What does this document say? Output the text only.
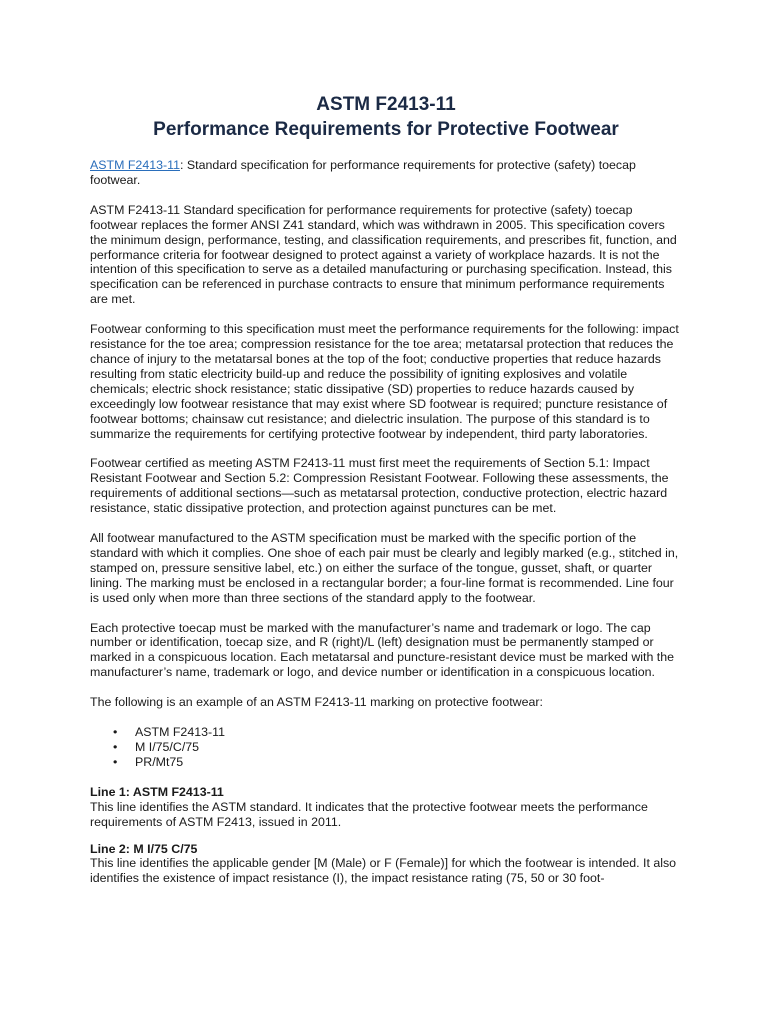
ASTM F2413-11
Performance Requirements for Protective Footwear

ASTM F2413-11: Standard specification for performance requirements for protective (safety) toecap footwear.

ASTM F2413-11 Standard specification for performance requirements for protective (safety) toecap footwear replaces the former ANSI Z41 standard, which was withdrawn in 2005. This specification covers the minimum design, performance, testing, and classification requirements, and prescribes fit, function, and performance criteria for footwear designed to protect against a variety of workplace hazards. It is not the intention of this specification to serve as a detailed manufacturing or purchasing specification. Instead, this specification can be referenced in purchase contracts to ensure that minimum performance requirements are met.

Footwear conforming to this specification must meet the performance requirements for the following: impact resistance for the toe area; compression resistance for the toe area; metatarsal protection that reduces the chance of injury to the metatarsal bones at the top of the foot; conductive properties that reduce hazards resulting from static electricity build-up and reduce the possibility of igniting explosives and volatile chemicals; electric shock resistance; static dissipative (SD) properties to reduce hazards caused by exceedingly low footwear resistance that may exist where SD footwear is required; puncture resistance of footwear bottoms; chainsaw cut resistance; and dielectric insulation. The purpose of this standard is to summarize the requirements for certifying protective footwear by independent, third party laboratories.

Footwear certified as meeting ASTM F2413-11 must first meet the requirements of Section 5.1: Impact Resistant Footwear and Section 5.2: Compression Resistant Footwear. Following these assessments, the requirements of additional sections—such as metatarsal protection, conductive protection, electric hazard resistance, static dissipative protection, and protection against punctures can be met.

All footwear manufactured to the ASTM specification must be marked with the specific portion of the standard with which it complies. One shoe of each pair must be clearly and legibly marked (e.g., stitched in, stamped on, pressure sensitive label, etc.) on either the surface of the tongue, gusset, shaft, or quarter lining. The marking must be enclosed in a rectangular border; a four-line format is recommended. Line four is used only when more than three sections of the standard apply to the footwear.

Each protective toecap must be marked with the manufacturer’s name and trademark or logo. The cap number or identification, toecap size, and R (right)/L (left) designation must be permanently stamped or marked in a conspicuous location. Each metatarsal and puncture-resistant device must be marked with the manufacturer’s name, trademark or logo, and device number or identification in a conspicuous location.

The following is an example of an ASTM F2413-11 marking on protective footwear:

• ASTM F2413-11
• M I/75/C/75
• PR/Mt75

Line 1: ASTM F2413-11

This line identifies the ASTM standard. It indicates that the protective footwear meets the performance requirements of ASTM F2413, issued in 2011.

Line 2: M I/75 C/75

This line identifies the applicable gender [M (Male) or F (Female)] for which the footwear is intended. It also identifies the existence of impact resistance (I), the impact resistance rating (75, 50 or 30 foot-
